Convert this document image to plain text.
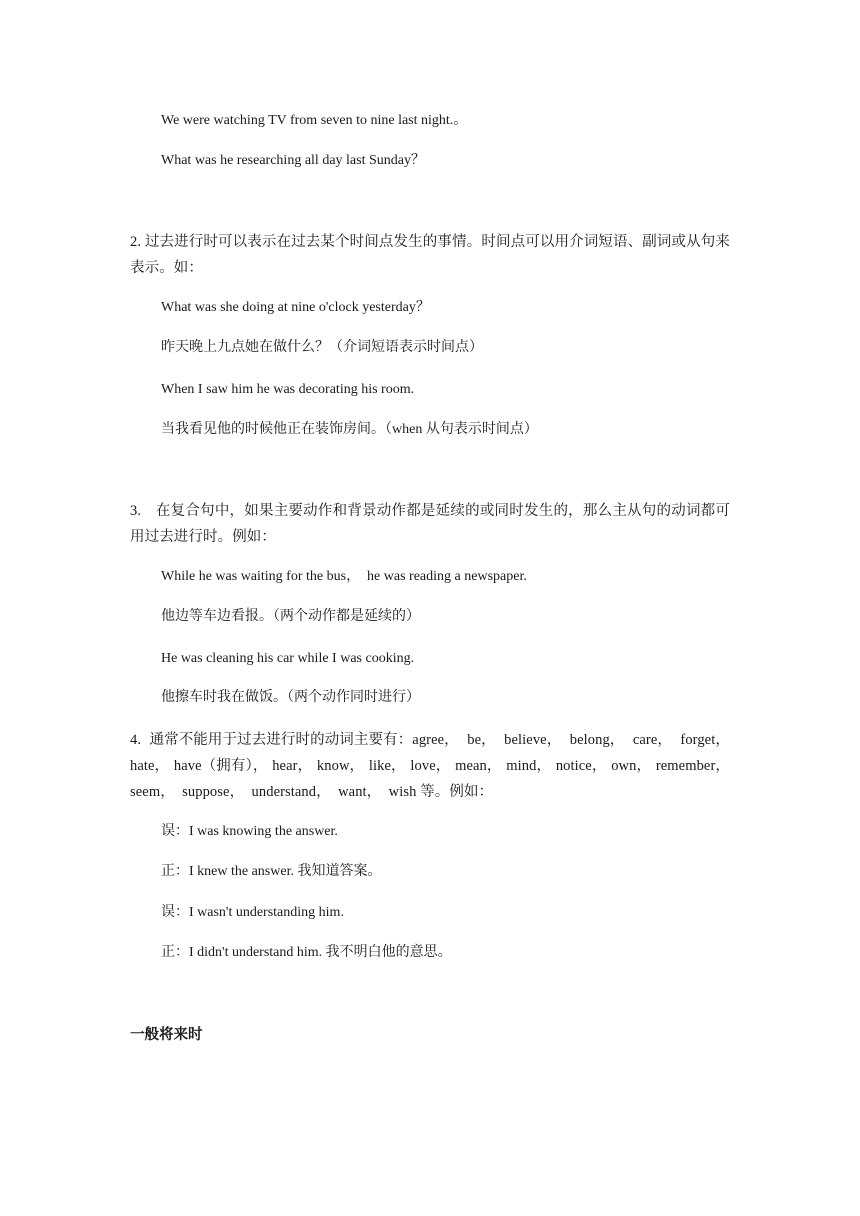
We were watching TV from seven to nine last night.。
What was he researching all day last Sunday？
2. 过去进行时可以表示在过去某个时间点发生的事情。时间点可以用介词短语、副词或从句来表示。如：
What was she doing at nine o'clock yesterday？
昨天晚上九点她在做什么？（介词短语表示时间点）
When I saw him he was decorating his room.
当我看见他的时候他正在装饰房间。（when 从句表示时间点）
3.　在复合句中，如果主要动作和背景动作都是延续的或同时发生的，那么主从句的动词都可用过去进行时。例如：
While he was waiting for the bus，　he was reading a newspaper.
他边等车边看报。（两个动作都是延续的）
He was cleaning his car while I was cooking.
他擦车时我在做饭。（两个动作同时进行）
4. 通常不能用于过去进行时的动词主要有：agree， be， believe， belong， care， forget，
hate， have（拥有）， hear， know， like， love， mean， mind， notice， own， remember，
seem，　suppose，　understand，　want，　wish 等。例如：
误：I was knowing the answer.
正：I knew the answer. 我知道答案。
误：I wasn't understanding him.
正：I didn't understand him. 我不明白他的意思。
一般将来时
